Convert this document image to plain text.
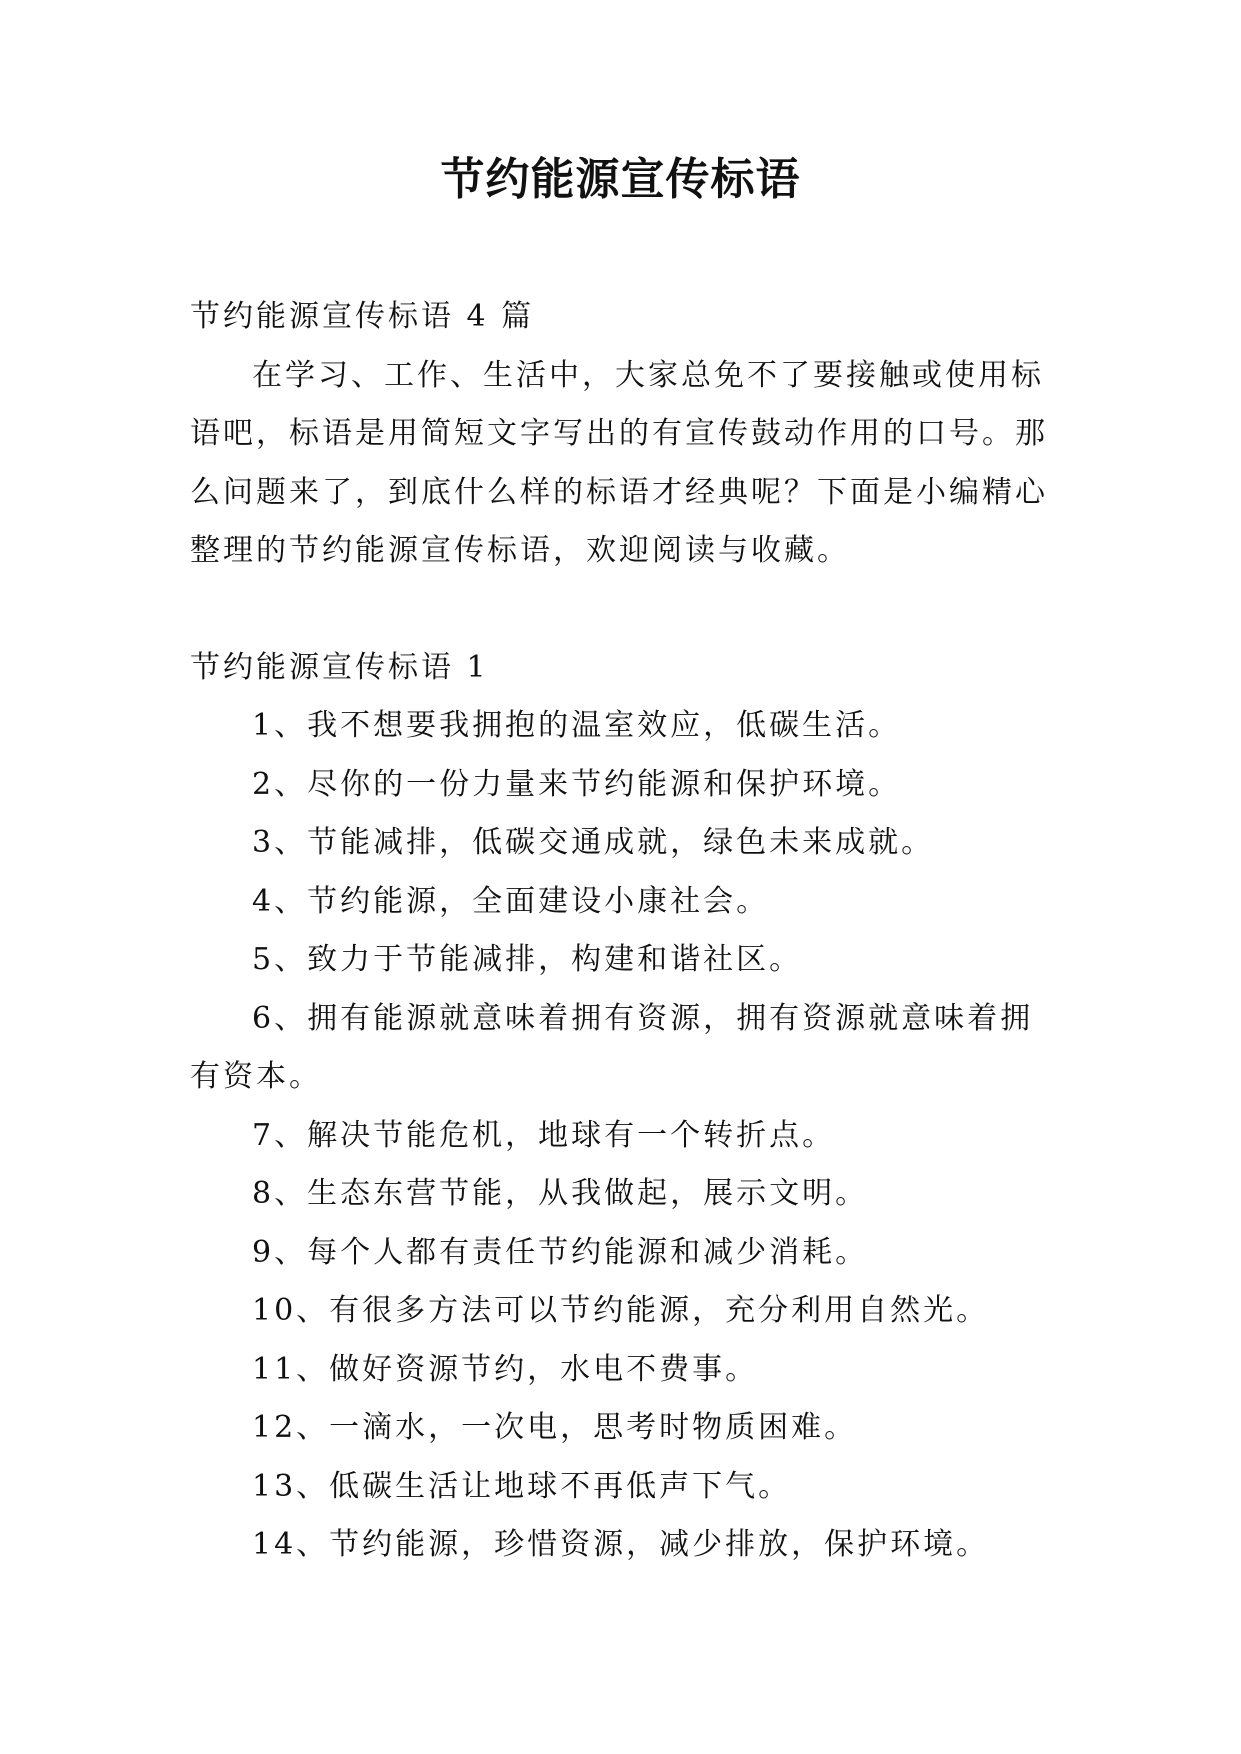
节约能源宣传标语

节约能源宣传标语 4 篇

在学习、工作、生活中，大家总免不了要接触或使用标语吧，标语是用简短文字写出的有宣传鼓动作用的口号。那么问题来了，到底什么样的标语才经典呢？下面是小编精心整理的节约能源宣传标语，欢迎阅读与收藏。

节约能源宣传标语 1

1、我不想要我拥抱的温室效应，低碳生活。

2、尽你的一份力量来节约能源和保护环境。

3、节能减排，低碳交通成就，绿色未来成就。

4、节约能源，全面建设小康社会。

5、致力于节能减排，构建和谐社区。

6、拥有能源就意味着拥有资源，拥有资源就意味着拥有资本。

7、解决节能危机，地球有一个转折点。

8、生态东营节能，从我做起，展示文明。

9、每个人都有责任节约能源和减少消耗。

10、有很多方法可以节约能源，充分利用自然光。

11、做好资源节约，水电不费事。

12、一滴水，一次电，思考时物质困难。

13、低碳生活让地球不再低声下气。

14、节约能源，珍惜资源，减少排放，保护环境。
